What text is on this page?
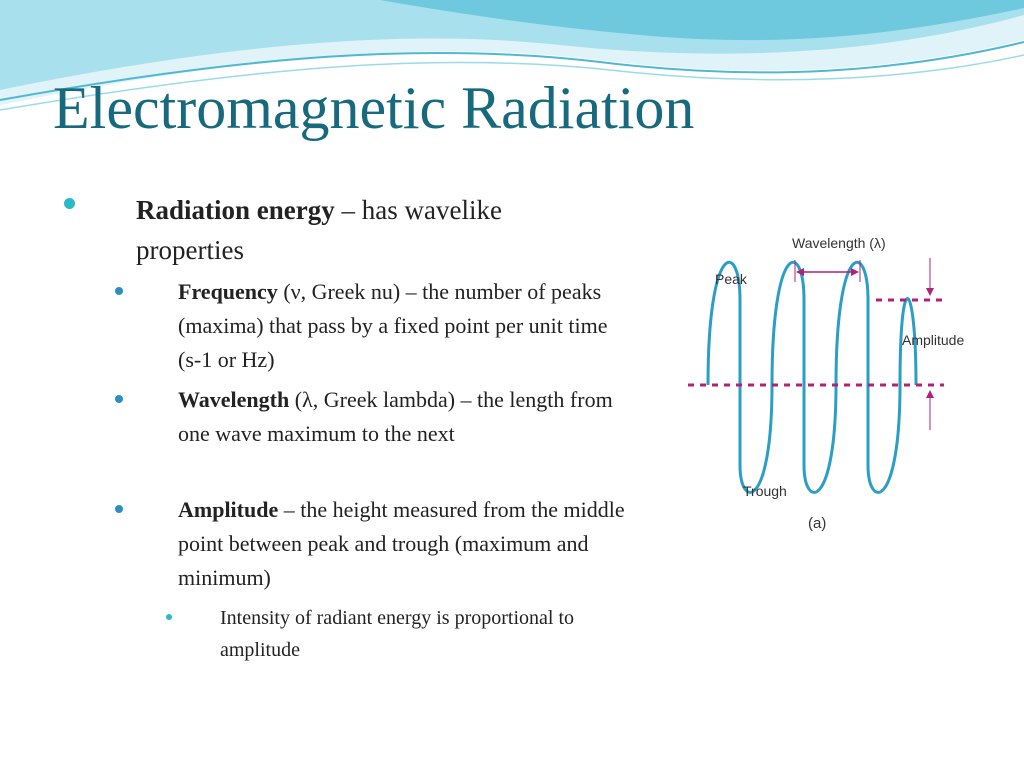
Electromagnetic Radiation
Radiation energy – has wavelike properties
Frequency (ν, Greek nu) – the number of peaks (maxima) that pass by a fixed point per unit time (s-1 or Hz)
Wavelength (λ, Greek lambda) – the length from one wave maximum to the next
Amplitude – the height measured from the middle point between peak and trough (maximum and minimum)
Intensity of radiant energy is proportional to amplitude
Wavelength (λ)
Peak
Amplitude
Trough
(a)
